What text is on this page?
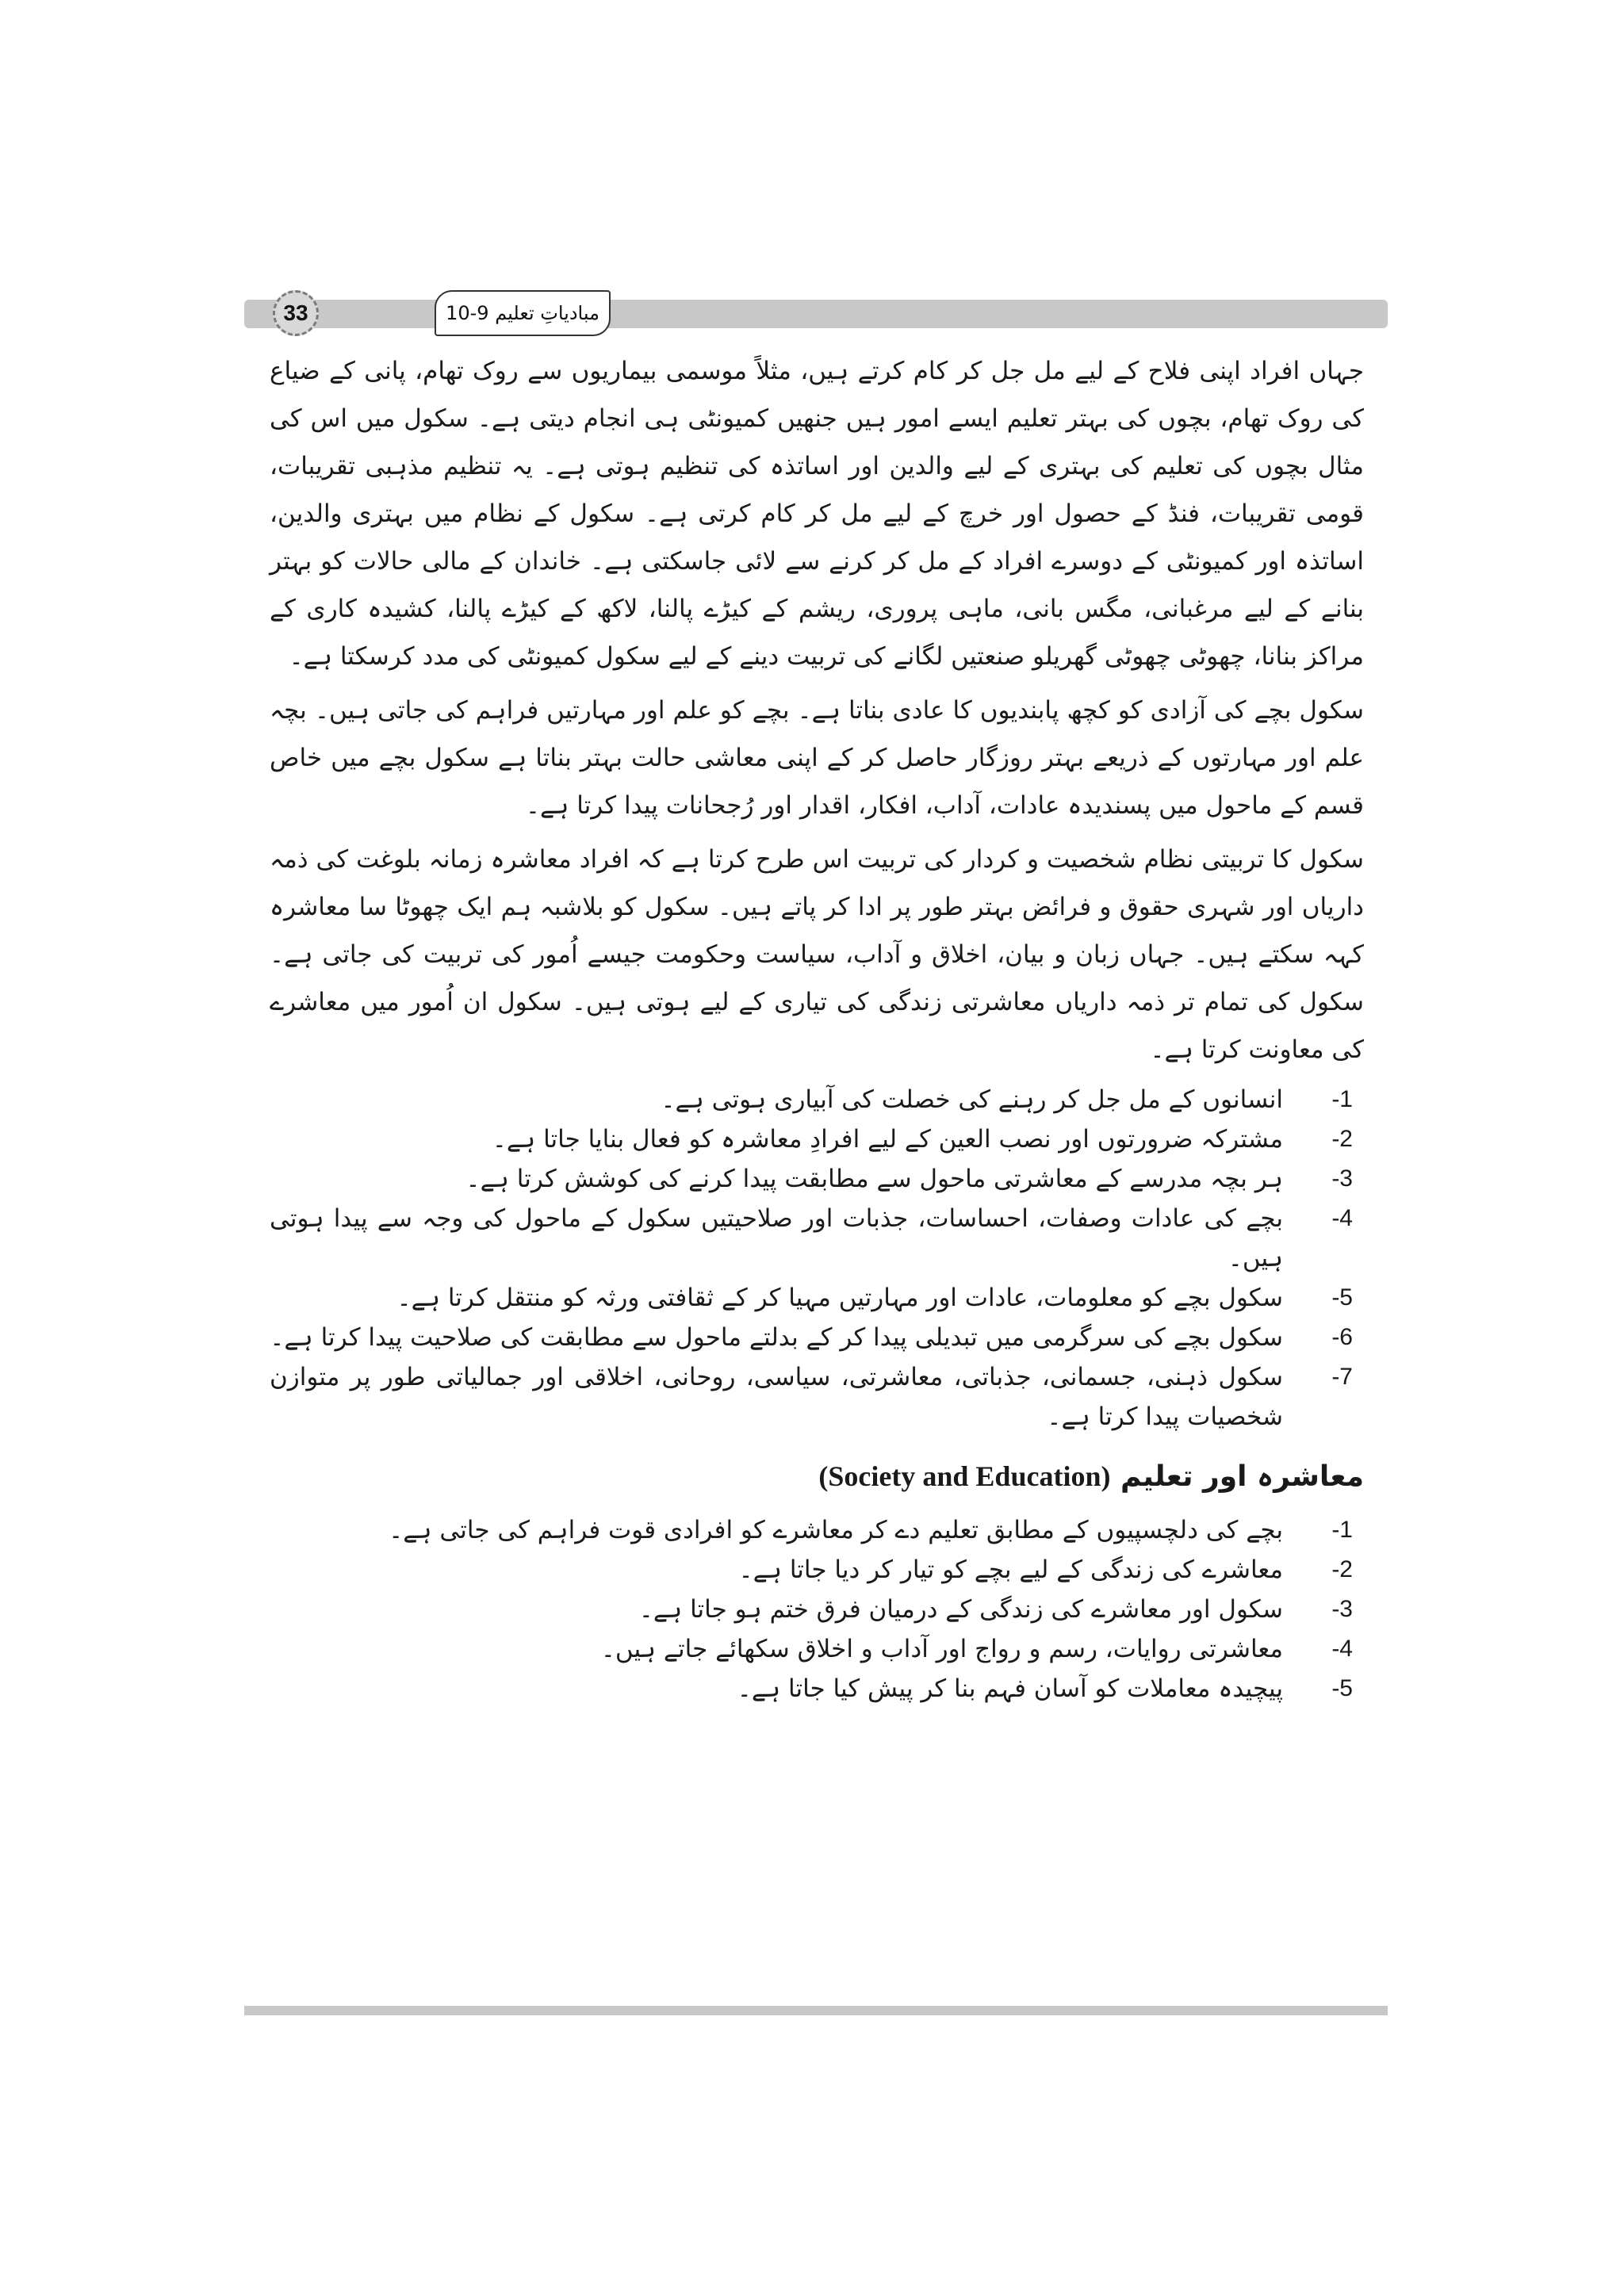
33	مبادیاتِ تعلیم 9-10

جہاں افراد اپنی فلاح کے لیے مل جل کر کام کرتے ہیں، مثلاً موسمی بیماریوں سے روک تھام، پانی کے ضیاع کی روک تھام، بچوں کی بہتر تعلیم ایسے امور ہیں جنھیں کمیونٹی ہی انجام دیتی ہے۔ سکول میں اس کی مثال بچوں کی تعلیم کی بہتری کے لیے والدین اور اساتذہ کی تنظیم ہوتی ہے۔ یہ تنظیم مذہبی تقریبات، قومی تقریبات، فنڈ کے حصول اور خرچ کے لیے مل کر کام کرتی ہے۔ سکول کے نظام میں بہتری والدین، اساتذہ اور کمیونٹی کے دوسرے افراد کے مل کر کرنے سے لائی جاسکتی ہے۔ خاندان کے مالی حالات کو بہتر بنانے کے لیے مرغبانی، مگس بانی، ماہی پروری، ریشم کے کیڑے پالنا، لاکھ کے کیڑے پالنا، کشیدہ کاری کے مراکز بنانا، چھوٹی چھوٹی گھریلو صنعتیں لگانے کی تربیت دینے کے لیے سکول کمیونٹی کی مدد کرسکتا ہے۔

سکول بچے کی آزادی کو کچھ پابندیوں کا عادی بناتا ہے۔ بچے کو علم اور مہارتیں فراہم کی جاتی ہیں۔ بچہ علم اور مہارتوں کے ذریعے بہتر روزگار حاصل کر کے اپنی معاشی حالت بہتر بناتا ہے سکول بچے میں خاص قسم کے ماحول میں پسندیدہ عادات، آداب، افکار، اقدار اور رُجحانات پیدا کرتا ہے۔

سکول کا تربیتی نظام شخصیت و کردار کی تربیت اس طرح کرتا ہے کہ افراد معاشرہ زمانہ بلوغت کی ذمہ داریاں اور شہری حقوق و فرائض بہتر طور پر ادا کر پاتے ہیں۔ سکول کو بلاشبہ ہم ایک چھوٹا سا معاشرہ کہہ سکتے ہیں۔ جہاں زبان و بیان، اخلاق و آداب، سیاست وحکومت جیسے اُمور کی تربیت کی جاتی ہے۔ سکول کی تمام تر ذمہ داریاں معاشرتی زندگی کی تیاری کے لیے ہوتی ہیں۔ سکول ان اُمور میں معاشرے کی معاونت کرتا ہے۔

-1
انسانوں کے مل جل کر رہنے کی خصلت کی آبیاری ہوتی ہے۔
-2
مشترکہ ضرورتوں اور نصب العین کے لیے افرادِ معاشرہ کو فعال بنایا جاتا ہے۔
-3
ہر بچہ مدرسے کے معاشرتی ماحول سے مطابقت پیدا کرنے کی کوشش کرتا ہے۔
-4
بچے کی عادات وصفات، احساسات، جذبات اور صلاحیتیں سکول کے ماحول کی وجہ سے پیدا ہوتی ہیں۔
-5
سکول بچے کو معلومات، عادات اور مہارتیں مہیا کر کے ثقافتی ورثہ کو منتقل کرتا ہے۔
-6
سکول بچے کی سرگرمی میں تبدیلی پیدا کر کے بدلتے ماحول سے مطابقت کی صلاحیت پیدا کرتا ہے۔
-7
سکول ذہنی، جسمانی، جذباتی، معاشرتی، سیاسی، روحانی، اخلاقی اور جمالیاتی طور پر متوازن شخصیات پیدا کرتا ہے۔
معاشرہ اور تعلیم (Society and Education)
-1
بچے کی دلچسپیوں کے مطابق تعلیم دے کر معاشرے کو افرادی قوت فراہم کی جاتی ہے۔
-2
معاشرے کی زندگی کے لیے بچے کو تیار کر دیا جاتا ہے۔
-3
سکول اور معاشرے کی زندگی کے درمیان فرق ختم ہو جاتا ہے۔
-4
معاشرتی روایات، رسم و رواج اور آداب و اخلاق سکھائے جاتے ہیں۔
-5
پیچیدہ معاملات کو آسان فہم بنا کر پیش کیا جاتا ہے۔
